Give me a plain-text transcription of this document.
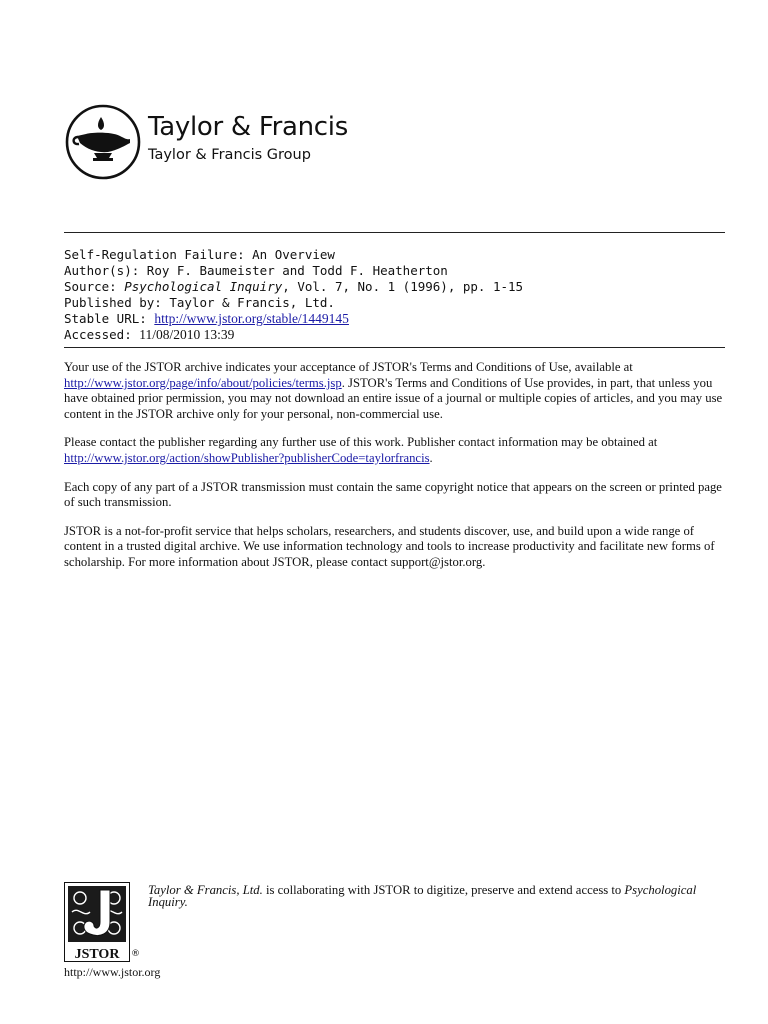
Taylor & Francis
Taylor & Francis Group
Self-Regulation Failure: An Overview
Author(s): Roy F. Baumeister and Todd F. Heatherton
Source: Psychological Inquiry, Vol. 7, No. 1 (1996), pp. 1-15
Published by: Taylor & Francis, Ltd.
Stable URL: http://www.jstor.org/stable/1449145
Accessed: 11/08/2010 13:39

Your use of the JSTOR archive indicates your acceptance of JSTOR's Terms and Conditions of Use, available at
http://www.jstor.org/page/info/about/policies/terms.jsp. JSTOR's Terms and Conditions of Use provides, in part, that unless you have obtained prior permission, you may not download an entire issue of a journal or multiple copies of articles, and you may use content in the JSTOR archive only for your personal, non-commercial use.

Please contact the publisher regarding any further use of this work. Publisher contact information may be obtained at
http://www.jstor.org/action/showPublisher?publisherCode=taylorfrancis.

Each copy of any part of a JSTOR transmission must contain the same copyright notice that appears on the screen or printed page of such transmission.

JSTOR is a not-for-profit service that helps scholars, researchers, and students discover, use, and build upon a wide range of content in a trusted digital archive. We use information technology and tools to increase productivity and facilitate new forms of scholarship. For more information about JSTOR, please contact support@jstor.org.

JSTOR ®
http://www.jstor.org
Taylor & Francis, Ltd. is collaborating with JSTOR to digitize, preserve and extend access to Psychological Inquiry.
